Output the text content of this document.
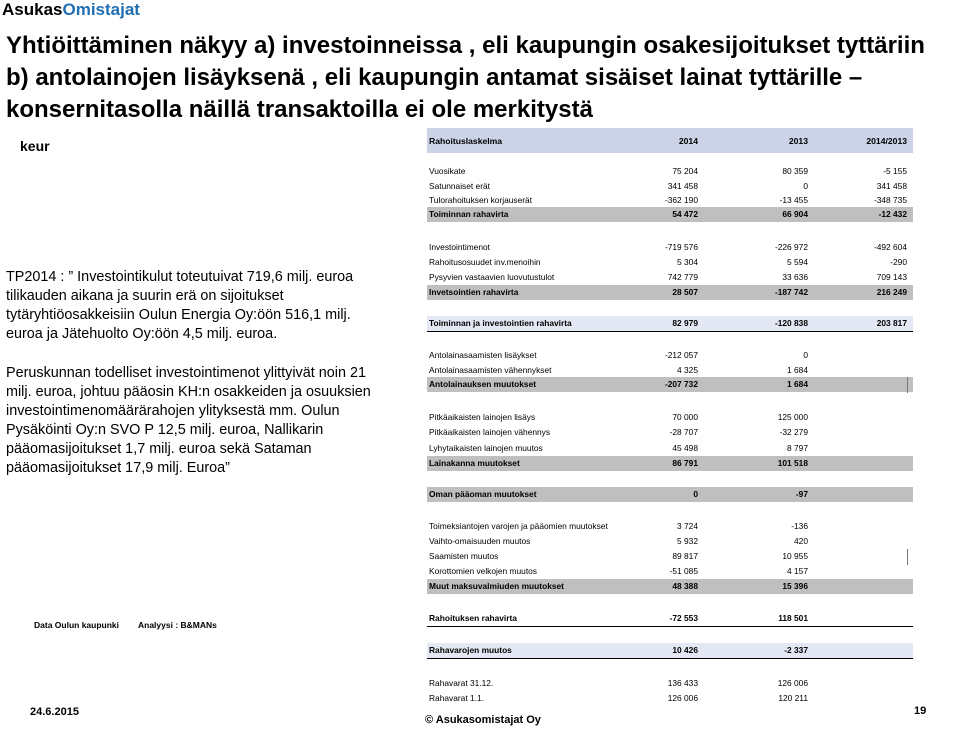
AsukasOmistajat
Yhtiöittäminen näkyy a) investoinneissa , eli kaupungin osakesijoitukset tyttäriin
b) antolainojen lisäyksenä , eli kaupungin antamat sisäiset lainat tyttärille –
konsernitasolla näillä transaktoilla ei ole merkitystä
keur

TP2014 : ” Investointikulut toteutuivat 719,6 milj. euroa tilikauden aikana ja suurin erä on sijoitukset tytäryhtiöosakkeisiin Oulun Energia Oy:öön 516,1 milj. euroa ja Jätehuolto Oy:öön 4,5 milj. euroa.

Peruskunnan todelliset investointimenot ylittyivät noin 21 milj. euroa, johtuu pääosin KH:n osakkeiden ja osuuksien investointimenomäärärahojen ylityksestä mm. Oulun Pysäköinti Oy:n SVO P 12,5 milj. euroa, Nallikarin pääomasijoitukset 1,7 milj. euroa sekä Sataman pääomasijoitukset 17,9 milj. Euroa”

Rahoituslaskelma	2014	2013	2014/2013
Vuosikate	75 204	80 359	-5 155
Satunnaiset erät	341 458	0	341 458
Tulorahoituksen korjauserät	-362 190	-13 455	-348 735
Toiminnan rahavirta	54 472	66 904	-12 432
Investointimenot	-719 576	-226 972	-492 604
Rahoitusosuudet inv.menoihin	5 304	5 594	-290
Pysyvien vastaavien luovutustulot	742 779	33 636	709 143
Invetsointien rahavirta	28 507	-187 742	216 249
Toiminnan ja investointien rahavirta	82 979	-120 838	203 817
Antolainasaamisten lisäykset	-212 057	0
Antolainasaamisten vähennykset	4 325	1 684
Antolainauksen muutokset	-207 732	1 684
Pitkäaikaisten lainojen lisäys	70 000	125 000
Pitkäaikaisten lainojen vähennys	-28 707	-32 279
Lyhytaikaisten lainojen muutos	45 498	8 797
Lainakanna muutokset	86 791	101 518
Oman pääoman muutokset	0	-97
Toimeksiantojen varojen ja pääomien muutokset	3 724	-136
Vaihto-omaisuuden muutos	5 932	420
Saamisten muutos	89 817	10 955
Korottomien velkojen muutos	-51 085	4 157
Muut maksuvalmiuden muutokset	48 388	15 396
Rahoituksen rahavirta	-72 553	118 501
Rahavarojen muutos	10 426	-2 337
Rahavarat 31.12.	136 433	126 006
Rahavarat 1.1.	126 006	120 211
Data Oulun kaupunki Analyysi : B&MANs
24.6.2015
© Asukasomistajat Oy
19
